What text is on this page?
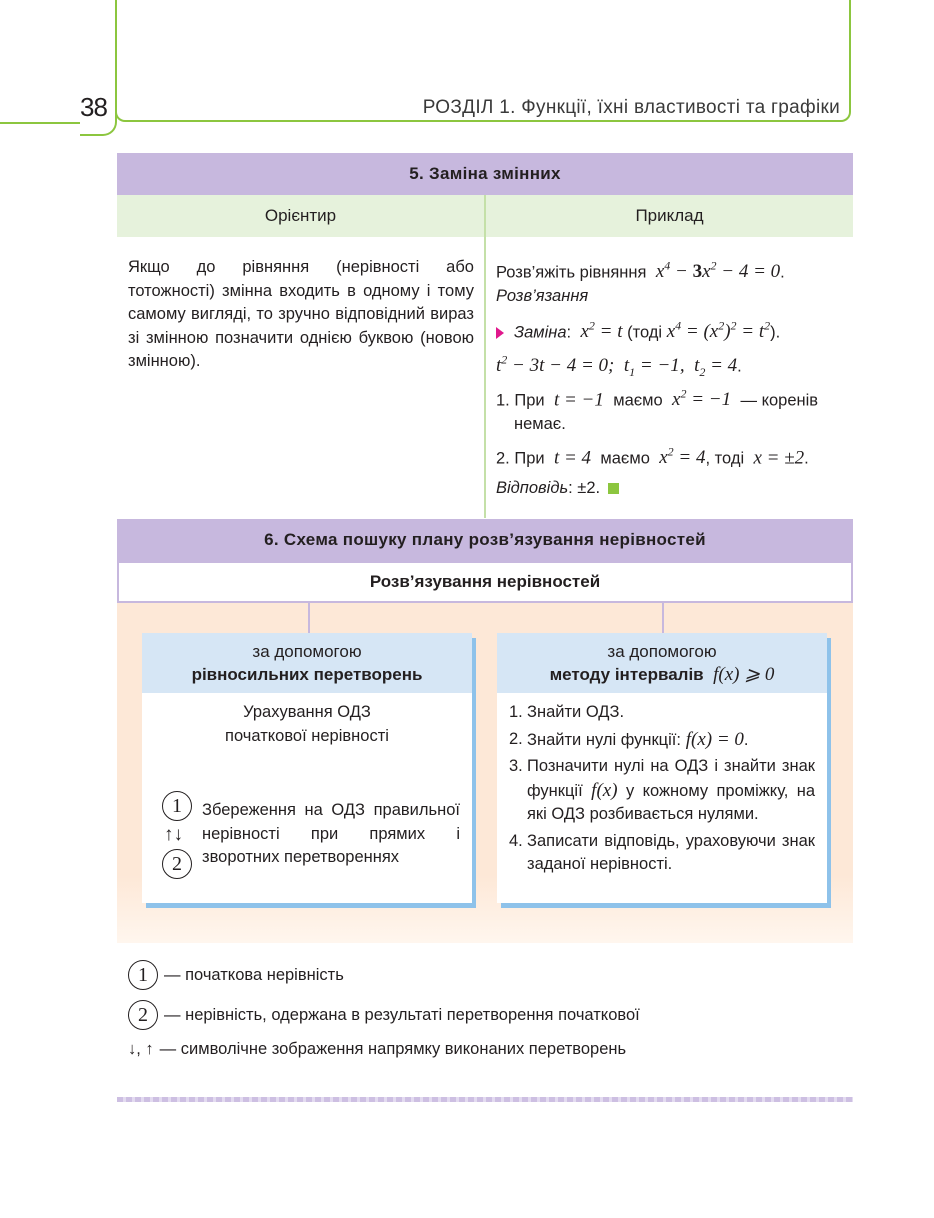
38	РОЗДІЛ 1. Функції, їхні властивості та графіки
5. Заміна змінних
Орієнтир	Приклад
Якщо до рівняння (нерівності або тотожності) змінна входить в одному і тому самому вигляді, то зручно відповідний вираз зі змінною позначити однією буквою (новою змінною).
Розв’яжіть рівняння  $x^4 - 3x^2 - 4 = 0$.
Розв’язання
Заміна:  $x^2 = t$ (тоді $x^4 = (x^2)^2 = t^2$).
$t^2 - 3t - 4 = 0$;  $t_1 = -1$,  $t_2 = 4$.
1. При  t = −1 маємо  $x^2 = -1$ — коренів
немає.
2. При  t = 4 маємо  $x^2 = 4$, тоді  x = ±2.
Відповідь: ±2.
6. Схема пошуку плану розв’язування нерівностей
Розв’язування нерівностей
за допомогою
рівносильних перетворень
Урахування ОДЗ
початкової нерівності
1
↑↓
2
Збереження на ОДЗ правильної нерівності при прямих і зворотних перетвореннях
за допомогою
методу інтервалів  f(x) ⩾ 0
1. Знайти ОДЗ.
2. Знайти нулі функції: f(x) = 0.
3. Позначити нулі на ОДЗ і знайти знак функції f(x) у кожному проміжку, на які ОДЗ розбивається нулями.
4. Записати відповідь, ураховуючи знак заданої нерівності.
1 — початкова нерівність
2 — нерівність, одержана в результаті перетворення початкової
↓, ↑ — символічне зображення напрямку виконаних перетворень
